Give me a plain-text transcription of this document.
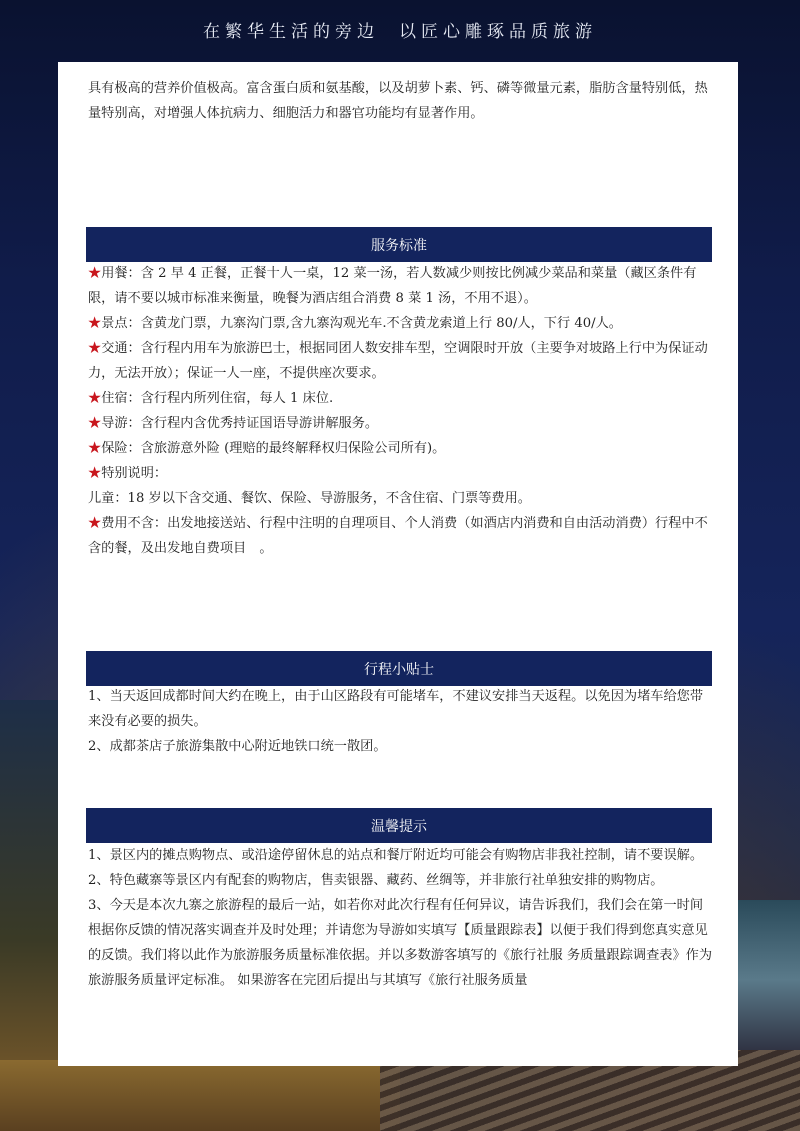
在繁华生活的旁边 以匠心雕琢品质旅游

具有极高的营养价值极高。富含蛋白质和氨基酸，以及胡萝卜素、钙、磷等微量元素，脂肪含量特别低，热量特别高，对增强人体抗病力、细胞活力和器官功能均有显著作用。

服务标准

★用餐：含 2 早 4 正餐，正餐十人一桌，12 菜一汤，若人数减少则按比例减少菜品和菜量（藏区条件有限，请不要以城市标准来衡量，晚餐为酒店组合消费 8 菜 1 汤，不用不退）。

★景点：含黄龙门票，九寨沟门票,含九寨沟观光车.不含黄龙索道上行 80/人，下行 40/人。

★交通：含行程内用车为旅游巴士，根据同团人数安排车型，空调限时开放（主要争对坡路上行中为保证动力，无法开放）；保证一人一座，不提供座次要求。

★住宿：含行程内所列住宿，每人 1 床位.

★导游：含行程内含优秀持证国语导游讲解服务。

★保险：含旅游意外险 (理赔的最终解释权归保险公司所有)。

★特别说明：

儿童：18 岁以下含交通、餐饮、保险、导游服务，不含住宿、门票等费用。

★费用不含：出发地接送站、行程中注明的自理项目、个人消费（如酒店内消费和自由活动消费）行程中不含的餐，及出发地自费项目　。

行程小贴士

1、当天返回成都时间大约在晚上，由于山区路段有可能堵车，不建议安排当天返程。以免因为堵车给您带来没有必要的损失。

2、成都茶店子旅游集散中心附近地铁口统一散团。

温馨提示

1、景区内的摊点购物点、或沿途停留休息的站点和餐厅附近均可能会有购物店非我社控制，请不要误解。

2、特色藏寨等景区内有配套的购物店，售卖银器、藏药、丝绸等，并非旅行社单独安排的购物店。

3、今天是本次九寨之旅游程的最后一站，如若你对此次行程有任何异议，请告诉我们，我们会在第一时间根据你反馈的情况落实调查并及时处理；并请您为导游如实填写【质量跟踪表】以便于我们得到您真实意见的反馈。我们将以此作为旅游服务质量标准依据。并以多数游客填写的《旅行社服 务质量跟踪调查表》作为旅游服务质量评定标准。 如果游客在完团后提出与其填写《旅行社服务质量
